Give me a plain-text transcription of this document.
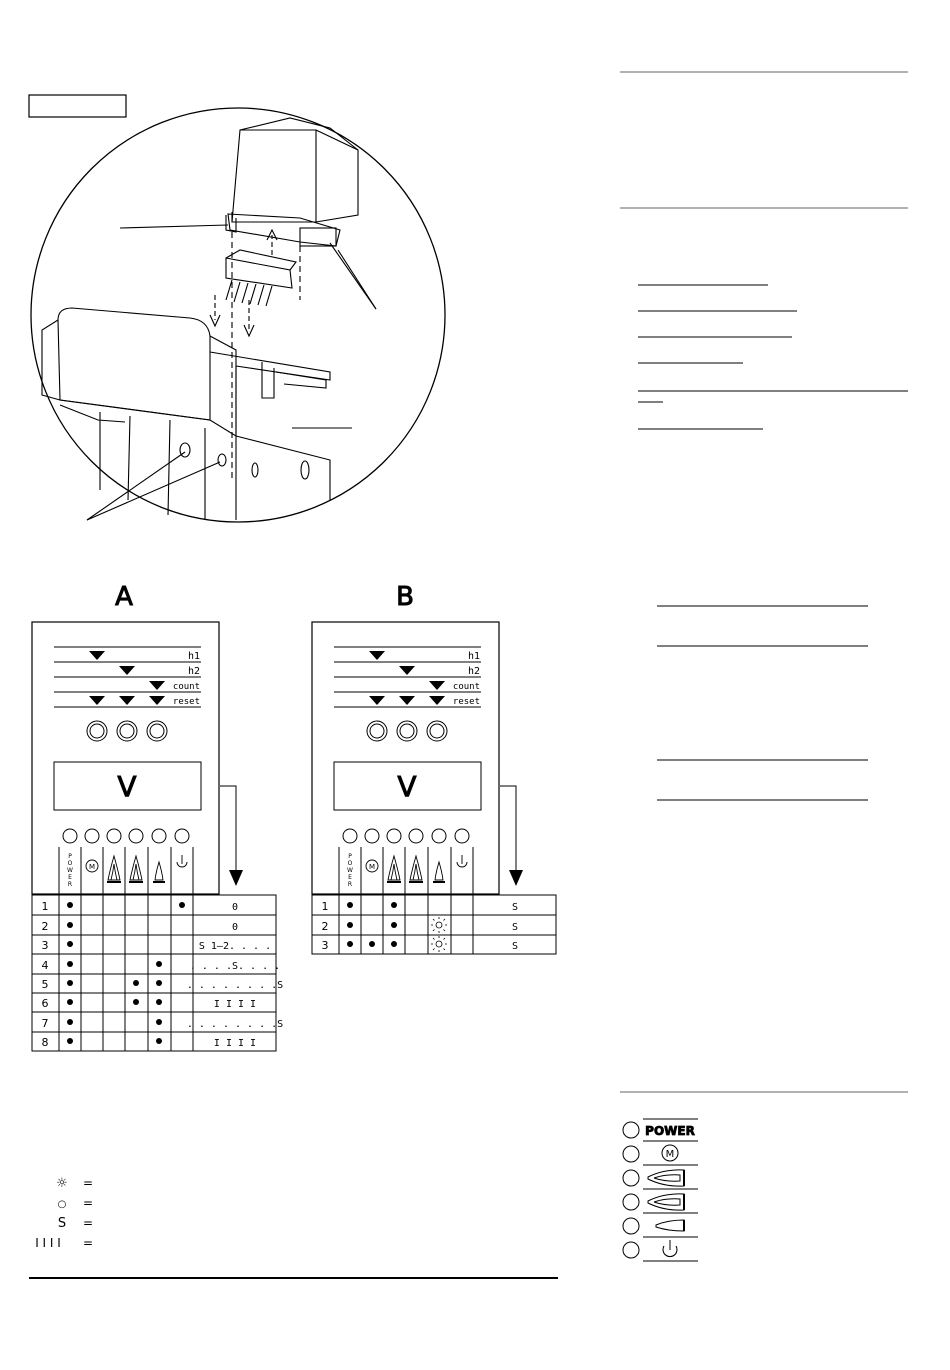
h1
h2
count
reset
V
P O W E R
h1
h2
count
reset
V
P O W E R
A	B
1
2
3
4
5
6
7
8
0
0
S 1–2. . . .
. . . .S. . . .
. . . . . . . .S
I I I I
. . . . . . . .S
I I I I
1
2
3
S
S
S
☼ =
○ =
S =
I I I I =
POWER
M
M	M
